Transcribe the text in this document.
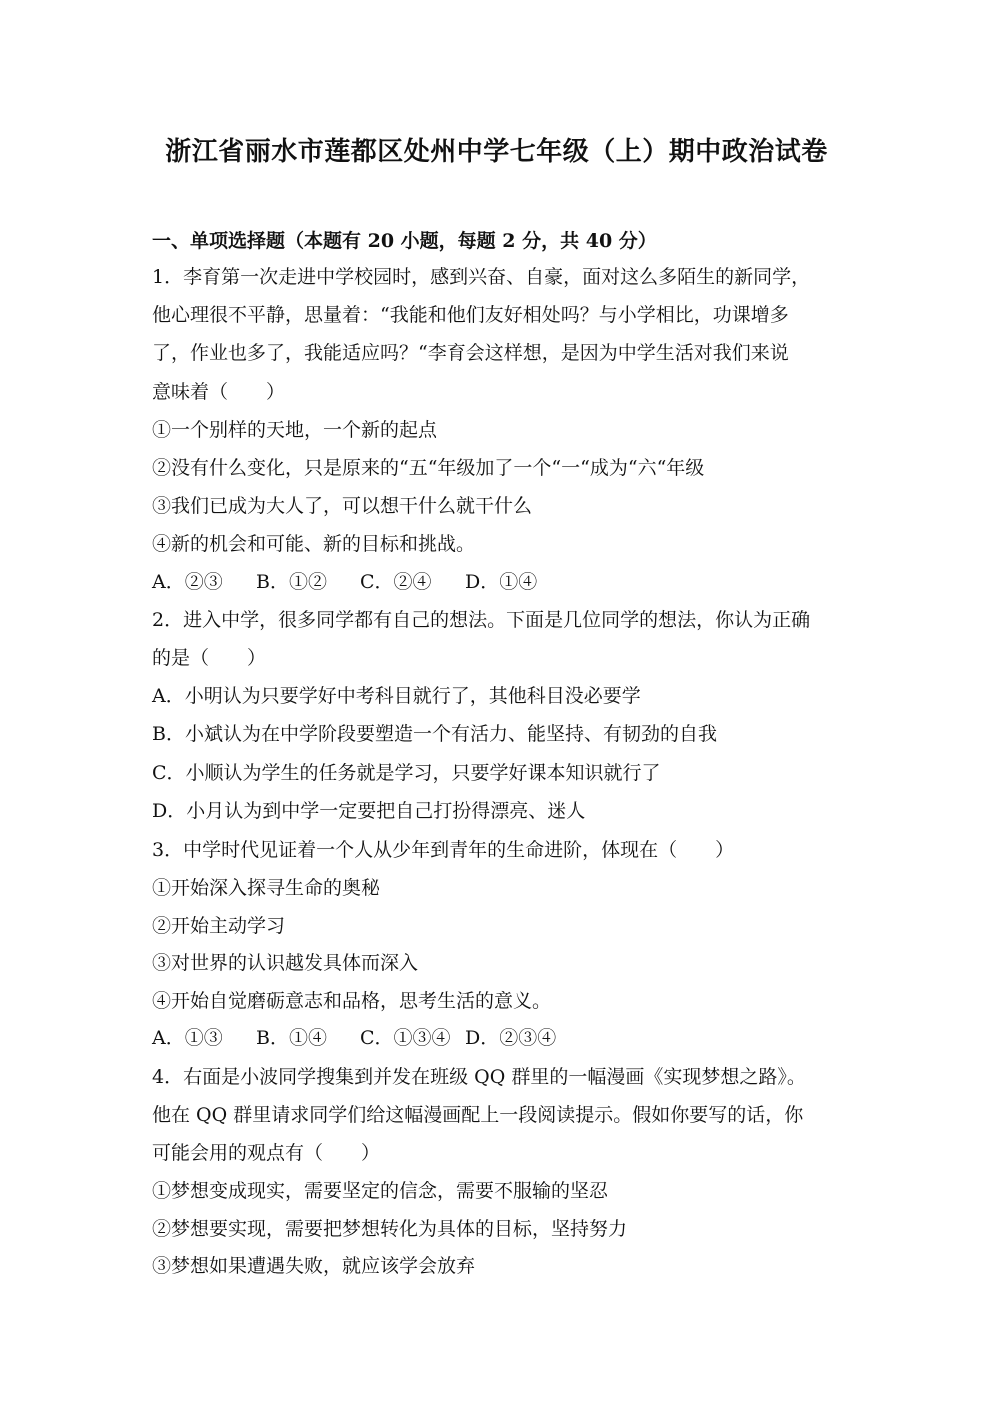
浙江省丽水市莲都区处州中学七年级（上）期中政治试卷
一、单项选择题（本题有 20 小题，每题 2 分，共 40 分）
1．李育第一次走进中学校园时，感到兴奋、自豪，面对这么多陌生的新同学，
他心理很不平静，思量着：“我能和他们友好相处吗？与小学相比，功课增多
了，作业也多了，我能适应吗？“李育会这样想，是因为中学生活对我们来说
意味着（　　）
①一个别样的天地，一个新的起点
②没有什么变化，只是原来的“五“年级加了一个“一“成为“六“年级
③我们已成为大人了，可以想干什么就干什么
④新的机会和可能、新的目标和挑战。
A．②③ B．①② C．②④ D．①④
2．进入中学，很多同学都有自己的想法。下面是几位同学的想法，你认为正确
的是（　　）
A．小明认为只要学好中考科目就行了，其他科目没必要学
B．小斌认为在中学阶段要塑造一个有活力、能坚持、有韧劲的自我
C．小顺认为学生的任务就是学习，只要学好课本知识就行了
D．小月认为到中学一定要把自己打扮得漂亮、迷人
3．中学时代见证着一个人从少年到青年的生命进阶，体现在（　　）
①开始深入探寻生命的奥秘
②开始主动学习
③对世界的认识越发具体而深入
④开始自觉磨砺意志和品格，思考生活的意义。
A．①③ B．①④ C．①③④ D．②③④
4．右面是小波同学搜集到并发在班级 QQ 群里的一幅漫画《实现梦想之路》。
他在 QQ 群里请求同学们给这幅漫画配上一段阅读提示。假如你要写的话，你
可能会用的观点有（　　）
①梦想变成现实，需要坚定的信念，需要不服输的坚忍
②梦想要实现，需要把梦想转化为具体的目标，坚持努力
③梦想如果遭遇失败，就应该学会放弃
